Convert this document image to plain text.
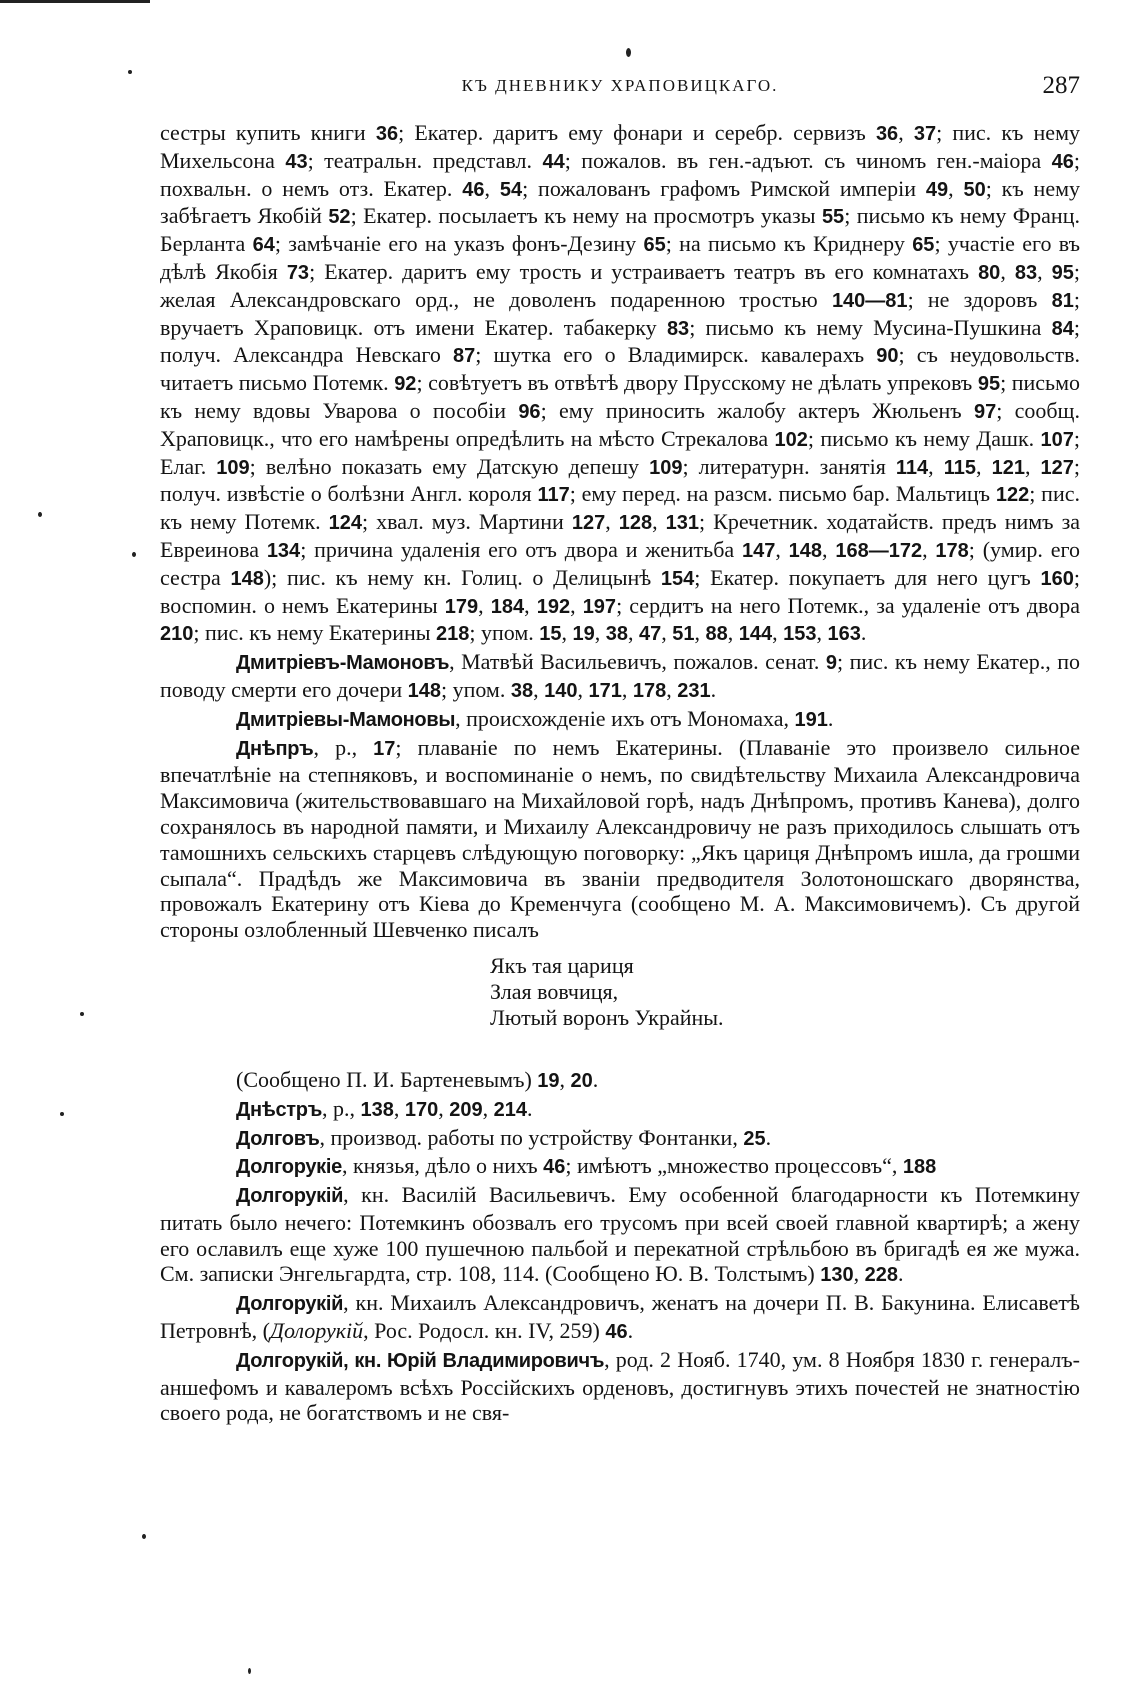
КЪ ДНЕВНИКУ ХРАПОВИЦКАГО.	287
сестры купить книги 36; Екатер. даритъ ему фонари и серебр. сервизъ 36, 37; пис. къ нему Михельсона 43; театральн. представл. 44; пожалов. въ ген.-адъют. съ чиномъ ген.-маіора 46; похвальн. о немъ отз. Екатер. 46, 54; пожалованъ графомъ Римской имперіи 49, 50; къ нему забѣгаетъ Якобій 52; Екатер. посылаетъ къ нему на просмотръ указы 55; письмо къ нему Франц. Берланта 64; замѣчаніе его на указъ фонъ-Дезину 65; на письмо къ Криднеру 65; участіе его въ дѣлѣ Якобія 73; Екатер. даритъ ему трость и устраиваетъ театръ въ его комнатахъ 80, 83, 95; желая Александровскаго орд., не доволенъ подаренною тростью 140—81; не здоровъ 81; вручаетъ Храповицк. отъ имени Екатер. табакерку 83; письмо къ нему Мусина-Пушкина 84; получ. Александра Невскаго 87; шутка его о Владимирск. кавалерахъ 90; съ неудовольств. читаетъ письмо Потемк. 92; совѣтуетъ въ отвѣтѣ двору Прусскому не дѣлать упрековъ 95; письмо къ нему вдовы Уварова о пособіи 96; ему приносить жалобу актеръ Жюльенъ 97; сообщ. Храповицк., что его намѣрены опредѣлить на мѣсто Стрекалова 102; письмо къ нему Дашк. 107; Елаг. 109; велѣно показать ему Датскую депешу 109; литературн. занятія 114, 115, 121, 127; получ. извѣстіе о болѣзни Англ. короля 117; ему перед. на разсм. письмо бар. Мальтицъ 122; пис. къ нему Потемк. 124; хвал. муз. Мартини 127, 128, 131; Кречетник. ходатайств. предъ нимъ за Евреинова 134; причина удаленія его отъ двора и женитьба 147, 148, 168—172, 178; (умир. его сестра 148); пис. къ нему кн. Голиц. о Делицынѣ 154; Екатер. покупаетъ для него цугъ 160; воспомин. о немъ Екатерины 179, 184, 192, 197; сердитъ на него Потемк., за удаленіе отъ двора 210; пис. къ нему Екатерины 218; упом. 15, 19, 38, 47, 51, 88, 144, 153, 163.
Дмитріевъ-Мамоновъ, Матвѣй Васильевичъ, пожалов. сенат. 9; пис. къ нему Екатер., по поводу смерти его дочери 148; упом. 38, 140, 171, 178, 231.
Дмитріевы-Мамоновы, происхожденіе ихъ отъ Мономаха, 191.
Днѣпръ, р., 17; плаваніе по немъ Екатерины. (Плаваніе это произвело сильное впечатлѣніе на степняковъ, и воспоминаніе о немъ, по свидѣтельству Михаила Александровича Максимовича (жительствовавшаго на Михайловой горѣ, надъ Днѣпромъ, противъ Канева), долго сохранялось въ народной памяти, и Михаилу Александровичу не разъ приходилось слышать отъ тамошнихъ сельскихъ старцевъ слѣдующую поговорку: „Якъ цариця Днѣпромъ ишла, да грошми сыпала“. Прадѣдъ же Максимовича въ званіи предводителя Золотоношскаго дворянства, провожалъ Екатерину отъ Кіева до Кременчуга (сообщено М. А. Максимовичемъ). Съ другой стороны озлобленный Шевченко писалъ
Якъ тая цариця
Злая вовчиця,
Лютый воронъ Украйны.
(Сообщено П. И. Бартеневымъ) 19, 20.
Днѣстръ, р., 138, 170, 209, 214.
Долговъ, производ. работы по устройству Фонтанки, 25.
Долгорукіе, князья, дѣло о нихъ 46; имѣютъ „множество процессовъ“, 188
Долгорукій, кн. Василій Васильевичъ. Ему особенной благодарности къ Потемкину питать было нечего: Потемкинъ обозвалъ его трусомъ при всей своей главной квартирѣ; а жену его ославилъ еще хуже 100 пушечною пальбой и перекатной стрѣльбою въ бригадѣ ея же мужа. См. записки Энгельгардта, стр. 108, 114. (Сообщено Ю. В. Толстымъ) 130, 228.
Долгорукій, кн. Михаилъ Александровичъ, женатъ на дочери П. В. Бакунина. Елисаветѣ Петровнѣ, (Долорукій, Рос. Родосл. кн. IV, 259) 46.
Долгорукій, кн. Юрій Владимировичъ, род. 2 Нояб. 1740, ум. 8 Ноября 1830 г. генералъ-аншефомъ и кавалеромъ всѣхъ Россійскихъ орденовъ, достигнувъ этихъ почестей не знатностію своего рода, не богатствомъ и не свя-
